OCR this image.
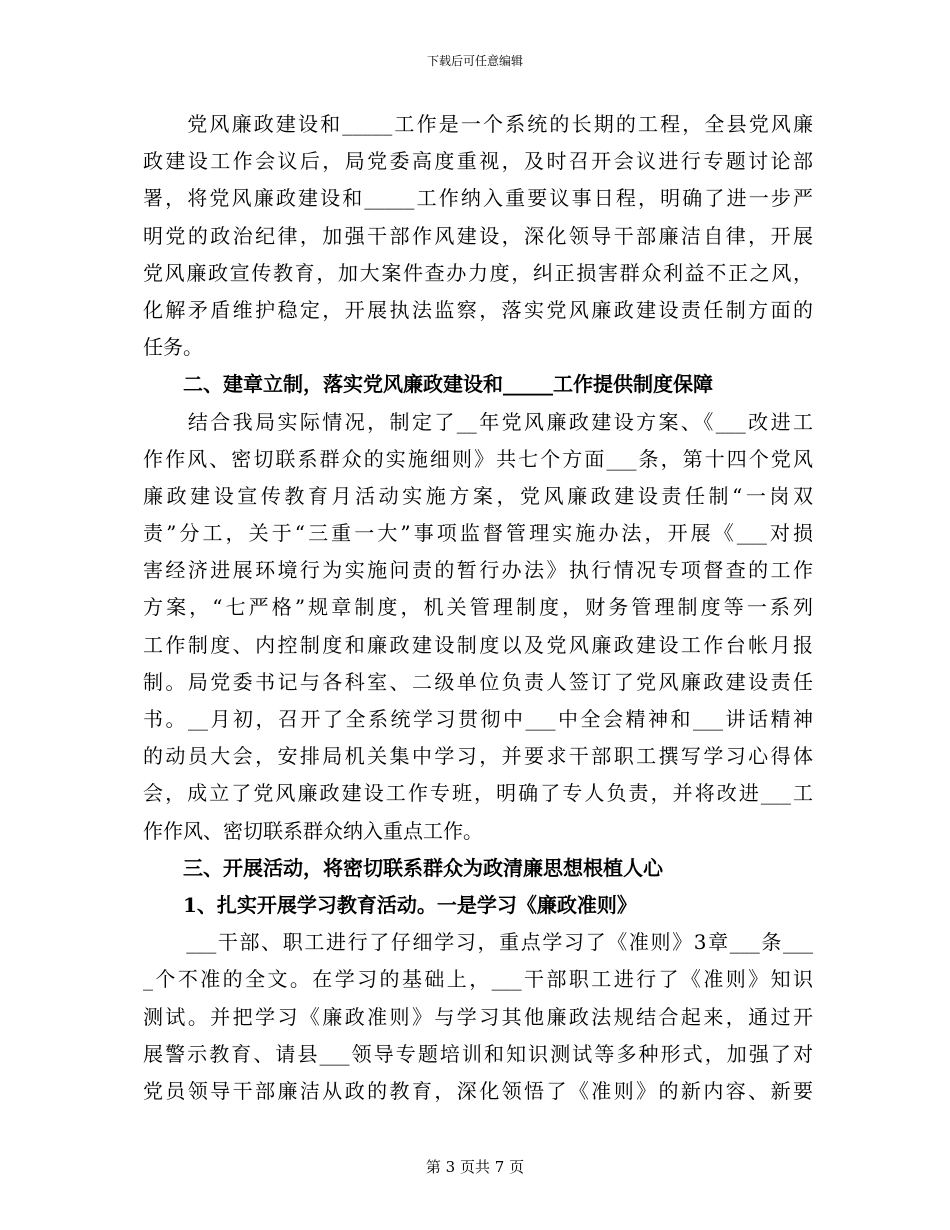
下载后可任意编辑
　　党风廉政建设和_____工作是一个系统的长期的工程，全县党风廉
政建设工作会议后，局党委高度重视，及时召开会议进行专题讨论部
署，将党风廉政建设和_____工作纳入重要议事日程，明确了进一步严
明党的政治纪律，加强干部作风建设，深化领导干部廉洁自律，开展
党风廉政宣传教育，加大案件查办力度，纠正损害群众利益不正之风，
化解矛盾维护稳定，开展执法监察，落实党风廉政建设责任制方面的
任务。
　　二、建章立制，落实党风廉政建设和_____工作提供制度保障
　　结合我局实际情况，制定了__年党风廉政建设方案、《___改进工
作作风、密切联系群众的实施细则》共七个方面___条，第十四个党风
廉政建设宣传教育月活动实施方案，党风廉政建设责任制“一岗双
责”分工，关于“三重一大”事项监督管理实施办法，开展《___对损
害经济进展环境行为实施问责的暂行办法》执行情况专项督查的工作
方案，“七严格”规章制度，机关管理制度，财务管理制度等一系列
工作制度、内控制度和廉政建设制度以及党风廉政建设工作台帐月报
制。局党委书记与各科室、二级单位负责人签订了党风廉政建设责任
书。__月初，召开了全系统学习贯彻中___中全会精神和___讲话精神
的动员大会，安排局机关集中学习，并要求干部职工撰写学习心得体
会，成立了党风廉政建设工作专班，明确了专人负责，并将改进___工
作作风、密切联系群众纳入重点工作。
　　三、开展活动，将密切联系群众为政清廉思想根植人心
　　1、扎实开展学习教育活动。一是学习《廉政准则》
　　___干部、职工进行了仔细学习，重点学习了《准则》3章___条___
_个不准的全文。在学习的基础上，___干部职工进行了《准则》知识
测试。并把学习《廉政准则》与学习其他廉政法规结合起来，通过开
展警示教育、请县___领导专题培训和知识测试等多种形式，加强了对
党员领导干部廉洁从政的教育，深化领悟了《准则》的新内容、新要
第 3 页共 7 页
